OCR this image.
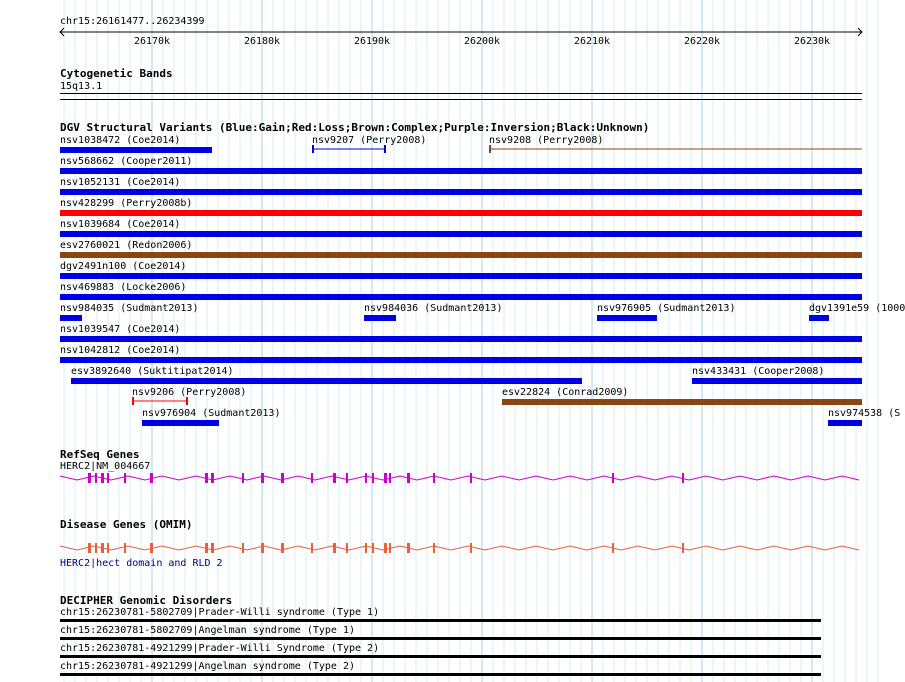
chr15:26161477..26234399
26170k	26180k	26190k	26200k	26210k	26220k	26230k
Cytogenetic Bands
15q13.1
DGV Structural Variants (Blue:Gain;Red:Loss;Brown:Complex;Purple:Inversion;Black:Unknown)
nsv1038472 (Coe2014)	nsv9207 (Perry2008)	nsv9208 (Perry2008)
nsv568662 (Cooper2011)
nsv1052131 (Coe2014)
nsv428299 (Perry2008b)
nsv1039684 (Coe2014)
esv2760021 (Redon2006)
dgv2491n100 (Coe2014)
nsv469883 (Locke2006)
nsv984035 (Sudmant2013)	nsv984036 (Sudmant2013)	nsv976905 (Sudmant2013)	dgv1391e59 (1000
nsv1039547 (Coe2014)
nsv1042812 (Coe2014)
esv3892640 (Suktitipat2014)	nsv433431 (Cooper2008)
nsv9206 (Perry2008)	esv22824 (Conrad2009)
nsv976904 (Sudmant2013)	nsv974538 (S
RefSeq Genes
HERC2|NM_004667
Disease Genes (OMIM)
HERC2|hect domain and RLD 2
DECIPHER Genomic Disorders
chr15:26230781-5802709|Prader-Willi syndrome (Type 1)
chr15:26230781-5802709|Angelman syndrome (Type 1)
chr15:26230781-4921299|Prader-Willi Syndrome (Type 2)
chr15:26230781-4921299|Angelman syndrome (Type 2)
